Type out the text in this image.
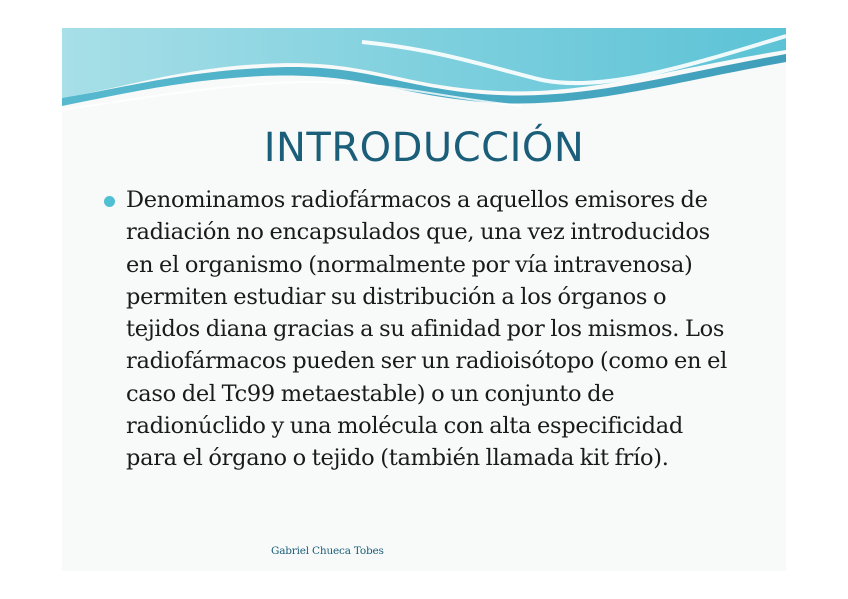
INTRODUCCIÓN
Denominamos radiofármacos a aquellos emisores de
radiación no encapsulados que, una vez introducidos
en el organismo (normalmente por vía intravenosa)
permiten estudiar su distribución a los órganos o
tejidos diana gracias a su afinidad por los mismos. Los
radiofármacos pueden ser un radioisótopo (como en el
caso del Tc99 metaestable) o un conjunto de
radionúclido y una molécula con alta especificidad
para el órgano o tejido (también llamada kit frío).
Gabriel Chueca Tobes
